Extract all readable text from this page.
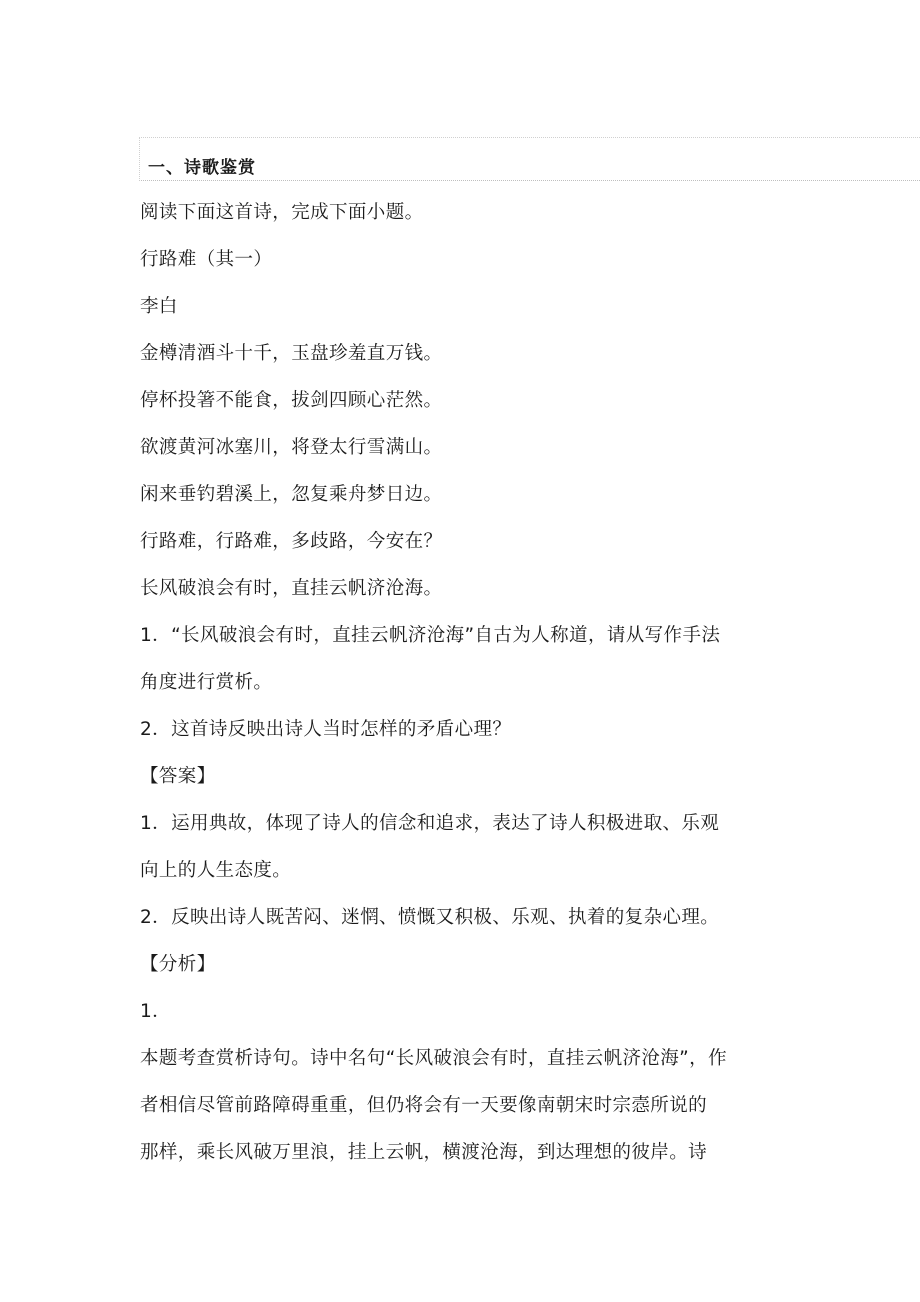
一、诗歌鉴赏
阅读下面这首诗，完成下面小题。
行路难（其一）
李白
金樽清酒斗十千，玉盘珍羞直万钱。
停杯投箸不能食，拔剑四顾心茫然。
欲渡黄河冰塞川，将登太行雪满山。
闲来垂钓碧溪上，忽复乘舟梦日边。
行路难，行路难，多歧路，今安在？
长风破浪会有时，直挂云帆济沧海。
1．“长风破浪会有时，直挂云帆济沧海”自古为人称道，请从写作手法
角度进行赏析。
2．这首诗反映出诗人当时怎样的矛盾心理？
【答案】
1．运用典故，体现了诗人的信念和追求，表达了诗人积极进取、乐观
向上的人生态度。
2．反映出诗人既苦闷、迷惘、愤慨又积极、乐观、执着的复杂心理。
【分析】
1．
本题考查赏析诗句。诗中名句“长风破浪会有时，直挂云帆济沧海”，作
者相信尽管前路障碍重重，但仍将会有一天要像南朝宋时宗悫所说的
那样，乘长风破万里浪，挂上云帆，横渡沧海，到达理想的彼岸。诗
